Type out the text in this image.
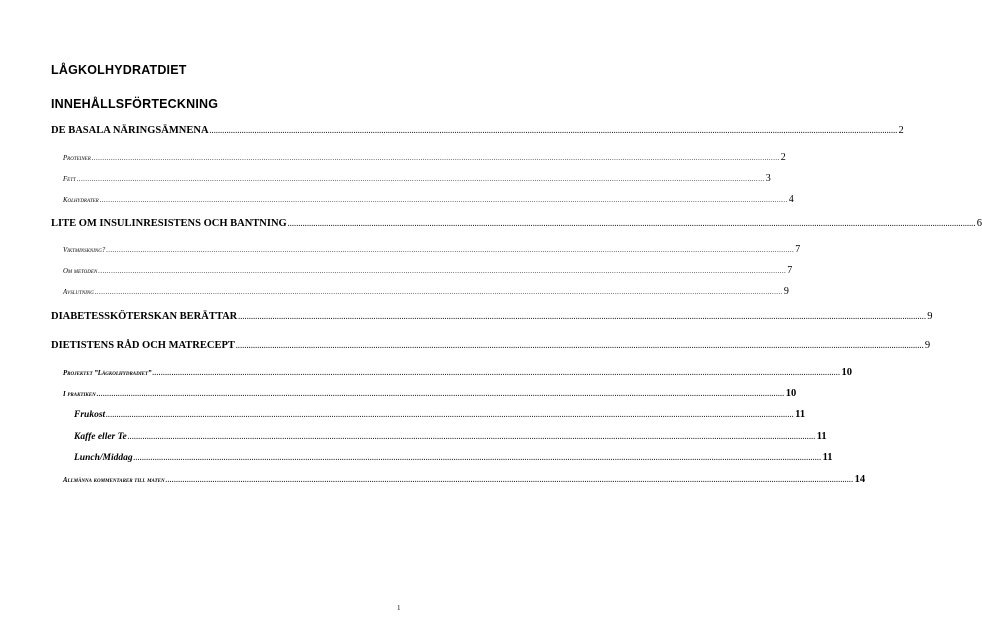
LÅGKOLHYDRATDIET
INNEHÅLLSFÖRTECKNING
DE BASALA NÄRINGSÄMNENA ................................................................................................................................................................................................................................................................................................................................ 2
Proteiner ................................................................................................................................................................................................................................................................................................................................ 2
Fett ................................................................................................................................................................................................................................................................................................................................ 3
Kolhydrater ................................................................................................................................................................................................................................................................................................................................ 4
LITE OM INSULINRESISTENS OCH BANTNING ................................................................................................................................................................................................................................................................................................................................ 6
Viktminskning? ................................................................................................................................................................................................................................................................................................................................ 7
Om metoden ................................................................................................................................................................................................................................................................................................................................ 7
Avslutning ................................................................................................................................................................................................................................................................................................................................ 9
DIABETESSKÖTERSKAN BERÄTTAR ................................................................................................................................................................................................................................................................................................................................ 9
DIETISTENS RÅD OCH MATRECEPT ................................................................................................................................................................................................................................................................................................................................ 9
Projektet ”Lågkolhydradiet” ................................................................................................................................................................................................................................................................................................................................ 10
I praktiken ................................................................................................................................................................................................................................................................................................................................ 10
Frukost ................................................................................................................................................................................................................................................................................................................................ 11
Kaffe eller Te ................................................................................................................................................................................................................................................................................................................................ 11
Lunch/Middag ................................................................................................................................................................................................................................................................................................................................ 11
Allmänna kommentarer till maten ................................................................................................................................................................................................................................................................................................................................ 14
1
